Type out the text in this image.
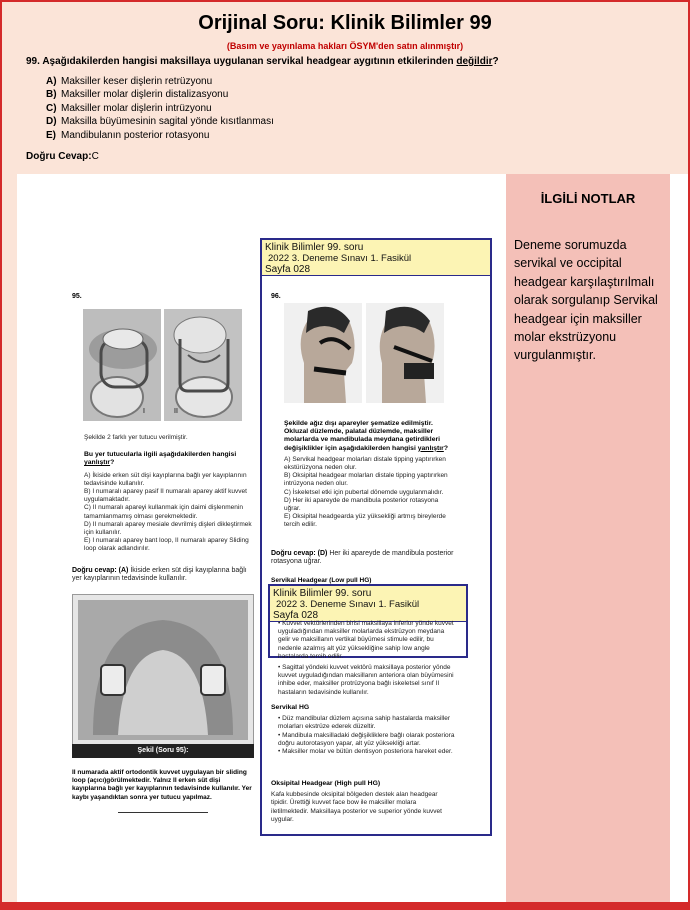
Orijinal Soru: Klinik Bilimler 99
(Basım ve yayınlama hakları ÖSYM'den satın alınmıştır)
99. Aşağıdakilerden hangisi maksillaya uygulanan servikal headgear aygıtının etkilerinden değildir?
A) Maksiller keser dişlerin retrüzyonu
B) Maksiller molar dişlerin distalizasyonu
C) Maksiller molar dişlerin intrüzyonu
D) Maksilla büyümesinin sagital yönde kısıtlanması
E) Mandibulanın posterior rotasyonu
Doğru Cevap:C
İLGİLİ NOTLAR
Deneme sorumuzda servikal ve occipital headgear karşılaştırılmalı olarak sorgulanıp Servikal headgear için maksiller molar ekstrüzyonu vurgulanmıştır.
95.
I	II
Şekilde 2 farklı yer tutucu verilmiştir.
Bu yer tutucularla ilgili aşağıdakilerden hangisi yanlıştır?
A) İkiside erken süt dişi kayıplarına bağlı yer kayıplarının tedavisinde kullanılır.
B) I numaralı aparey pasif II numaralı aparey aktif kuvvet uygulamaktadır.
C) II numaralı apareyi kullanmak için daimi dişlenmenin tamamlanmamış olması gerekmektedir.
D) II numaralı aparey mesiale devrilmiş dişleri dikleştirmek için kullanılır.
E) I numaralı aparey bant loop, II numaralı aparey Sliding loop olarak adlandırılır.
Doğru cevap: (A) İkiside erken süt dişi kayıplarına bağlı yer kayıplarının tedavisinde kullanılır.
Şekil (Soru 95):
II numarada aktif ortodontik kuvvet uygulayan bir sliding loop (açıcı)görülmektedir. Yalnız II erken süt dişi kayıplarına bağlı yer kayıplarının tedavisinde kullanılır. Yer kaybı yaşandıktan sonra yer tutucu yapılmaz.
Klinik Bilimler 99. soru
2022 3. Deneme Sınavı 1. Fasikül
Sayfa 028
96.
Şekilde ağız dışı apareyler şematize edilmiştir. Okluzal düzlemde, palatal düzlemde, maksiller molarlarda ve mandibulada meydana getirdikleri değişiklikler için aşağıdakilerden hangisi yanlıştır?
A) Servikal headgear molarları distale tipping yaptırırken ekstürüzyona neden olur.
B) Oksipital headgear molarları distale tipping yaptırırken intrüzyona neden olur.
C) İskeletsel etki için pubertal dönemde uygulanmalıdır.
D) Her iki apareyde de mandibula posterior rotasyona uğrar.
E) Oksipital headgearda yüz yüksekliği artmış bireylerde tercih edilir.
Doğru cevap: (D) Her iki apareyde de mandibula posterior rotasyona uğrar.
Servikal Headgear (Low pull HG)
Klinik Bilimler 99. soru
2022 3. Deneme Sınavı 1. Fasikül
Sayfa 028
• Kuvvet vektörlerinden birisi maksillaya inferior yönde kuvvet uyguladığından maksiller molarlarda ekstrüzyon meydana gelir ve maksillanın vertikal büyümesi stimule edilir, bu nedenle azalmış alt yüz yüksekliğine sahip low angle hastalarda tercih edilir.
• Sagittal yöndeki kuvvet vektörü maksillaya posterior yönde kuvvet uyguladığından maksillanın anteriora olan büyümesini inhibe eder, maksiller protrüzyona bağlı iskeletsel sınıf II hastaların tedavisinde kullanılır.
Servikal HG
• Düz mandibular düzlem açısına sahip hastalarda maksiller molarları ekstrüze ederek düzeltir.
• Mandibula maksilladaki değişikliklere bağlı olarak posteriora doğru autorotasyon yapar, alt yüz yüksekliği artar.
• Maksiller molar ve bütün dentisyon posteriora hareket eder.
Oksipital Headgear (High pull HG)
Kafa kubbesinde oksipital bölgeden destek alan headgear tipidir. Ürettiği kuvvet face bow ile maksiller molara iletilmektedir. Maksillaya posterior ve superior yönde kuvvet uygular.
